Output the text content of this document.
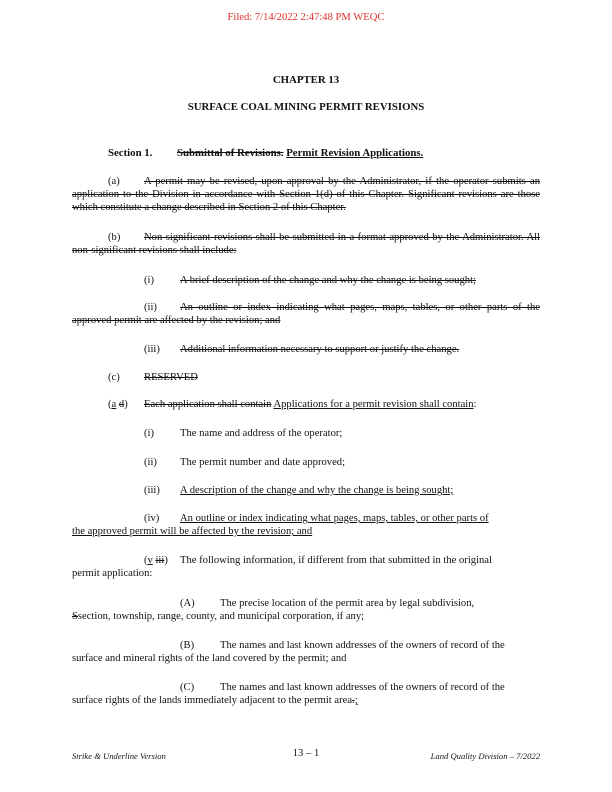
Filed: 7/14/2022 2:47:48 PM WEQC
CHAPTER 13
SURFACE COAL MINING PERMIT REVISIONS
Section 1. Submittal of Revisions. Permit Revision Applications.
(a) A permit may be revised, upon approval by the Administrator, if the operator submits an application to the Division in accordance with Section 1(d) of this Chapter. Significant revisions are those which constitute a change described in Section 2 of this Chapter.
(b) Non-significant revisions shall be submitted in a format approved by the Administrator. All non-significant revisions shall include:
(i) A brief description of the change and why the change is being sought;
(ii) An outline or index indicating what pages, maps, tables, or other parts of the approved permit are affected by the revision; and
(iii) Additional information necessary to support or justify the change.
(c) RESERVED
(a d) Each application shall contain Applications for a permit revision shall contain:
(i) The name and address of the operator;
(ii) The permit number and date approved;
(iii) A description of the change and why the change is being sought;
(iv) An outline or index indicating what pages, maps, tables, or other parts of
the approved permit will be affected by the revision; and
(v iii) The following information, if different from that submitted in the original
permit application:
(A) The precise location of the permit area by legal subdivision,
Ssection, township, range, county, and municipal corporation, if any;
(B) The names and last known addresses of the owners of record of the
surface and mineral rights of the land covered by the permit; and
(C) The names and last known addresses of the owners of record of the
surface rights of the lands immediately adjacent to the permit area.;
Strike & Underline Version	13 – 1	Land Quality Division – 7/2022
